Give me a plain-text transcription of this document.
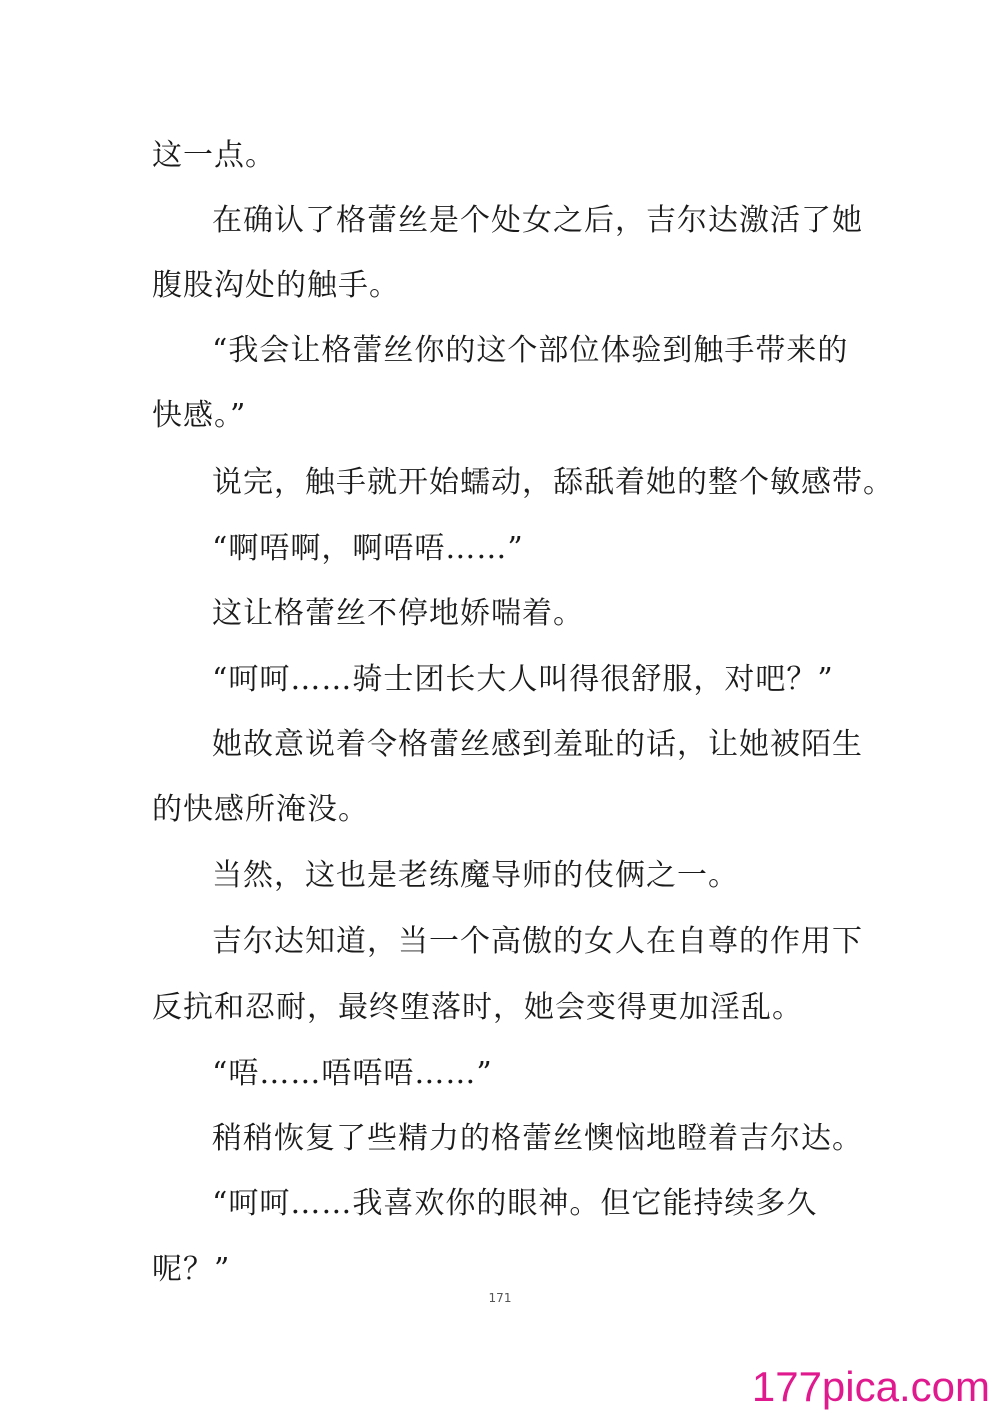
这一点。
在确认了格蕾丝是个处女之后，吉尔达激活了她
腹股沟处的触手。
“我会让格蕾丝你的这个部位体验到触手带来的
快感。”
说完，触手就开始蠕动，舔舐着她的整个敏感带。
“啊唔啊，啊唔唔……”
这让格蕾丝不停地娇喘着。
“呵呵……骑士团长大人叫得很舒服，对吧？”
她故意说着令格蕾丝感到羞耻的话，让她被陌生
的快感所淹没。
当然，这也是老练魔导师的伎俩之一。
吉尔达知道，当一个高傲的女人在自尊的作用下
反抗和忍耐，最终堕落时，她会变得更加淫乱。
“唔……唔唔唔……”
稍稍恢复了些精力的格蕾丝懊恼地瞪着吉尔达。
“呵呵……我喜欢你的眼神。但它能持续多久
呢？”
171
177pica.com
